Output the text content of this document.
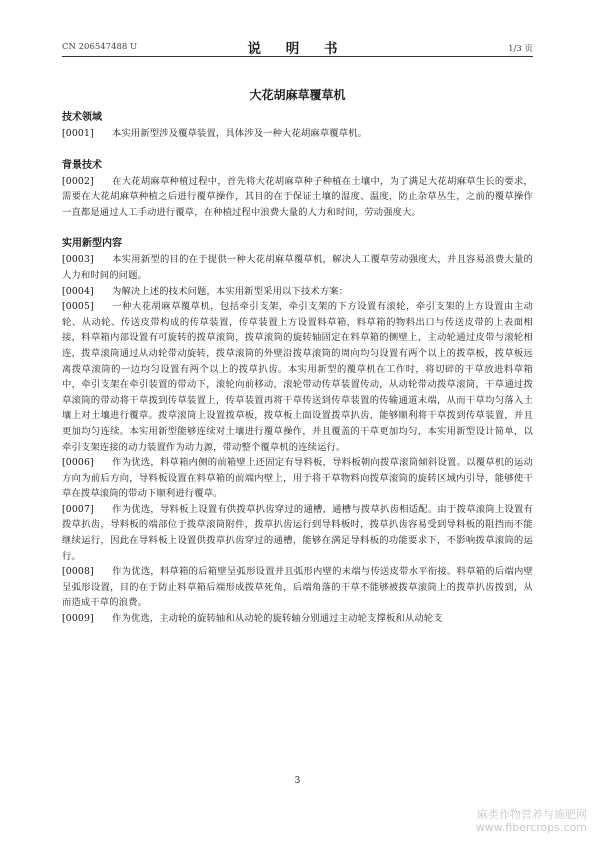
CN 206547488 U	说 明 书	1/3 页
大花胡麻草覆草机

技术领域

[0001] 本实用新型涉及覆草装置，具体涉及一种大花胡麻草覆草机。

背景技术

[0002] 在大花胡麻草种植过程中，首先将大花胡麻草种子种植在土壤中，为了满足大花胡麻草生长的要求，需要在大花胡麻草种植之后进行覆草操作，其目的在于保证土壤的湿度、温度，防止杂草丛生，之前的覆草操作一直都是通过人工手动进行覆草，在种植过程中浪费大量的人力和时间，劳动强度大。

实用新型内容

[0003] 本实用新型的目的在于提供一种大花胡麻草覆草机，解决人工覆草劳动强度大，并且容易浪费大量的人力和时间的问题。

[0004] 为解决上述的技术问题，本实用新型采用以下技术方案：

[0005] 一种大花胡麻草覆草机，包括牵引支架，牵引支架的下方设置有滚轮，牵引支架的上方设置由主动轮、从动轮、传送皮带构成的传草装置，传草装置上方设置料草箱，料草箱的物料出口与传送皮带的上表面相接，料草箱内部设置有可旋转的拨草滚筒，拨草滚筒的旋转轴固定在料草箱的侧壁上，主动轮通过皮带与滚轮相连，拨草滚筒通过从动轮带动旋转，拨草滚筒的外壁沿拨草滚筒的周向均匀设置有两个以上的拨草板，拨草板远离拨草滚筒的一边均匀设置有两个以上的拨草扒齿。本实用新型的覆草机在工作时，将切碎的干草放进料草箱中，牵引支架在牵引装置的带动下，滚轮向前移动，滚轮带动传草装置传动，从动轮带动拨草滚筒，干草通过拨草滚筒的带动将干草拨到传草装置上，传草装置再将干草传送到传草装置的传输通道末端，从而干草均匀落入土壤上对土壤进行覆草。拨草滚筒上设置拨草板，拨草板上面设置拨草扒齿，能够顺利将干草拨到传草装置，并且更加均匀连续。本实用新型能够连续对土壤进行覆草操作，并且覆盖的干草更加均匀，本实用新型设计简单，以牵引支架连接的动力装置作为动力源，带动整个覆草机的连续运行。

[0006] 作为优选，料草箱内侧的前箱壁上还固定有导料板，导料板朝向拨草滚筒倾斜设置。以覆草机的运动方向为前后方向，导料板设置在料草箱的前端内壁上，用于将干草物料向拨草滚筒的旋转区域内引导，能够使干草在拨草滚筒的带动下顺利进行覆草。

[0007] 作为优选，导料板上设置有供拨草扒齿穿过的通槽，通槽与拨草扒齿相适配。由于拨草滚筒上设置有拨草扒齿，导料板的端部位于拨草滚筒附件，拨草扒齿运行到导料板时，拨草扒齿容易受到导料板的阻挡而不能继续运行，因此在导料板上设置供拨草扒齿穿过的通槽，能够在满足导料板的功能要求下，不影响拨草滚筒的运行。

[0008] 作为优选，料草箱的后箱壁呈弧形设置并且弧形内壁的末端与传送皮带水平衔接。料草箱的后端内壁呈弧形设置，目的在于防止料草箱后端形成拨草死角，后端角落的干草不能够被拨草滚筒上的拨草扒齿拨到，从而造成干草的浪费。

[0009] 作为优选，主动轮的旋转轴和从动轮的旋转轴分别通过主动轮支撑板和从动轮支

3
麻类作物营养与施肥网
www.fibercrops.com
